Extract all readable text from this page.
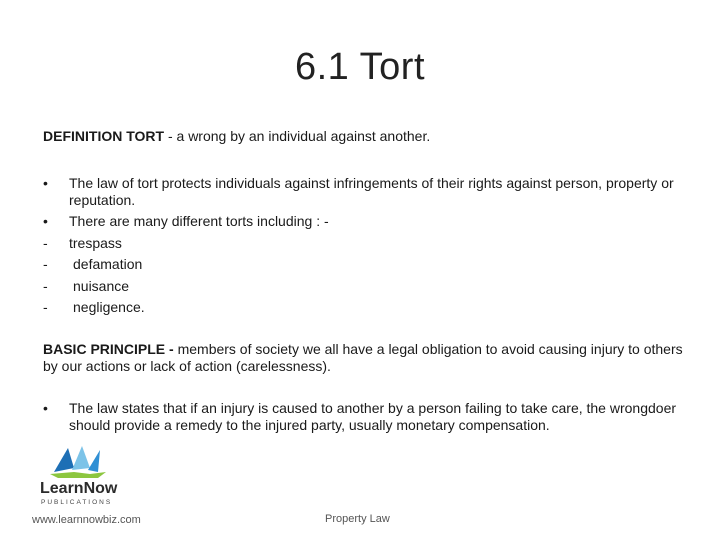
6.1 Tort
DEFINITION TORT - a wrong by an individual against another.
•	The law of tort protects individuals against infringements of their rights against person, property or reputation.
•	There are many different torts including : -
-	trespass
-	defamation
-	nuisance
-	negligence.
BASIC PRINCIPLE - members of society we all have a legal obligation to avoid causing injury to others by our actions or lack of action (carelessness).
•	The law states that if an injury is caused to another by a person failing to take care, the wrongdoer should provide a remedy to the injured party, usually monetary compensation.
LearnNow
PUBLICATIONS
www.learnnowbiz.com	Property Law
